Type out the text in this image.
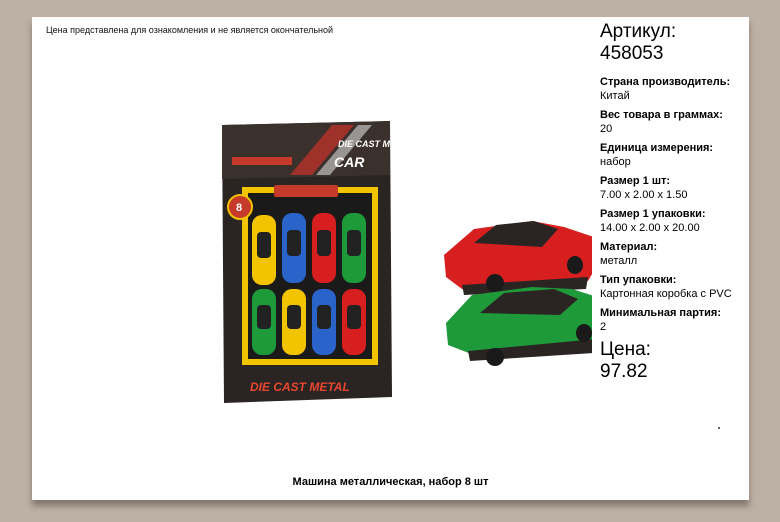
Цена представлена для ознакомления и не является окончательной
DIE CAST METAL
CAR
8
DIE CAST METAL
Артикул:
458053
Страна производитель:
Китай
Вес товара в граммах:
20
Единица измерения:
набор
Размер 1 шт:
7.00 x 2.00 x 1.50
Размер 1 упаковки:
14.00 x 2.00 x 20.00
Материал:
металл
Тип упаковки:
Картонная коробка с PVC
Минимальная партия:
2
Цена:
97.82
Машина металлическая, набор 8 шт
